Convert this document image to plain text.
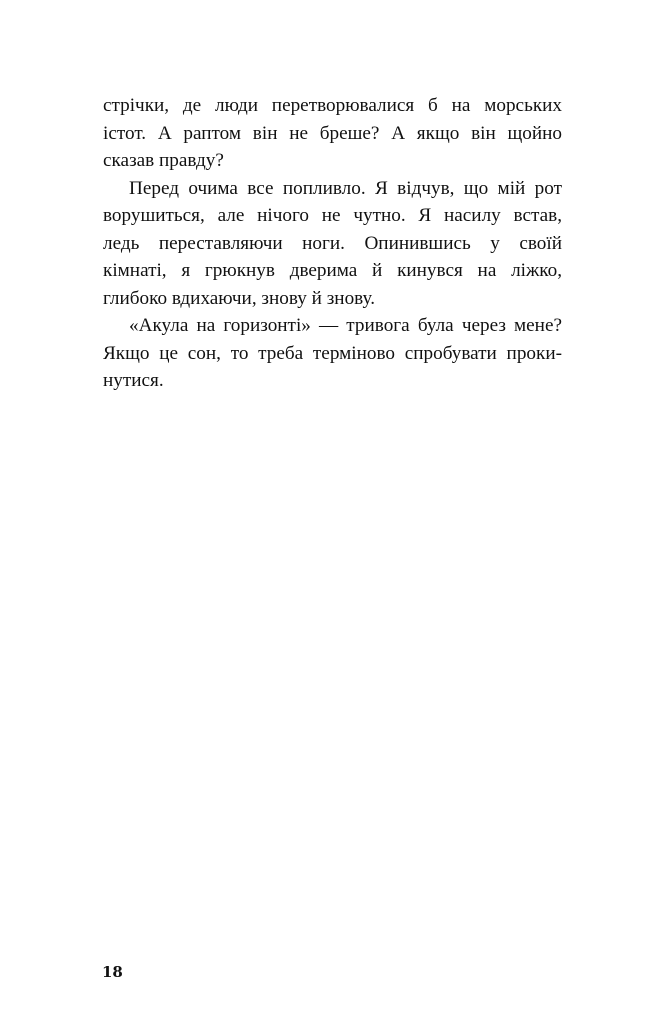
стрічки, де люди перетворювалися б на морських
істот. А раптом він не бреше? А якщо він щойно
сказав правду?
Перед очима все попливло. Я відчув, що мій рот
ворушиться, але нічого не чутно. Я насилу встав,
ледь переставляючи ноги. Опинившись у своїй
кімнаті, я грюкнув дверима й кинувся на ліжко,
глибоко вдихаючи, знову й знову.
«Акула на горизонті» — тривога була через мене?
Якщо це сон, то треба терміново спробувати проки-
нутися.
18
